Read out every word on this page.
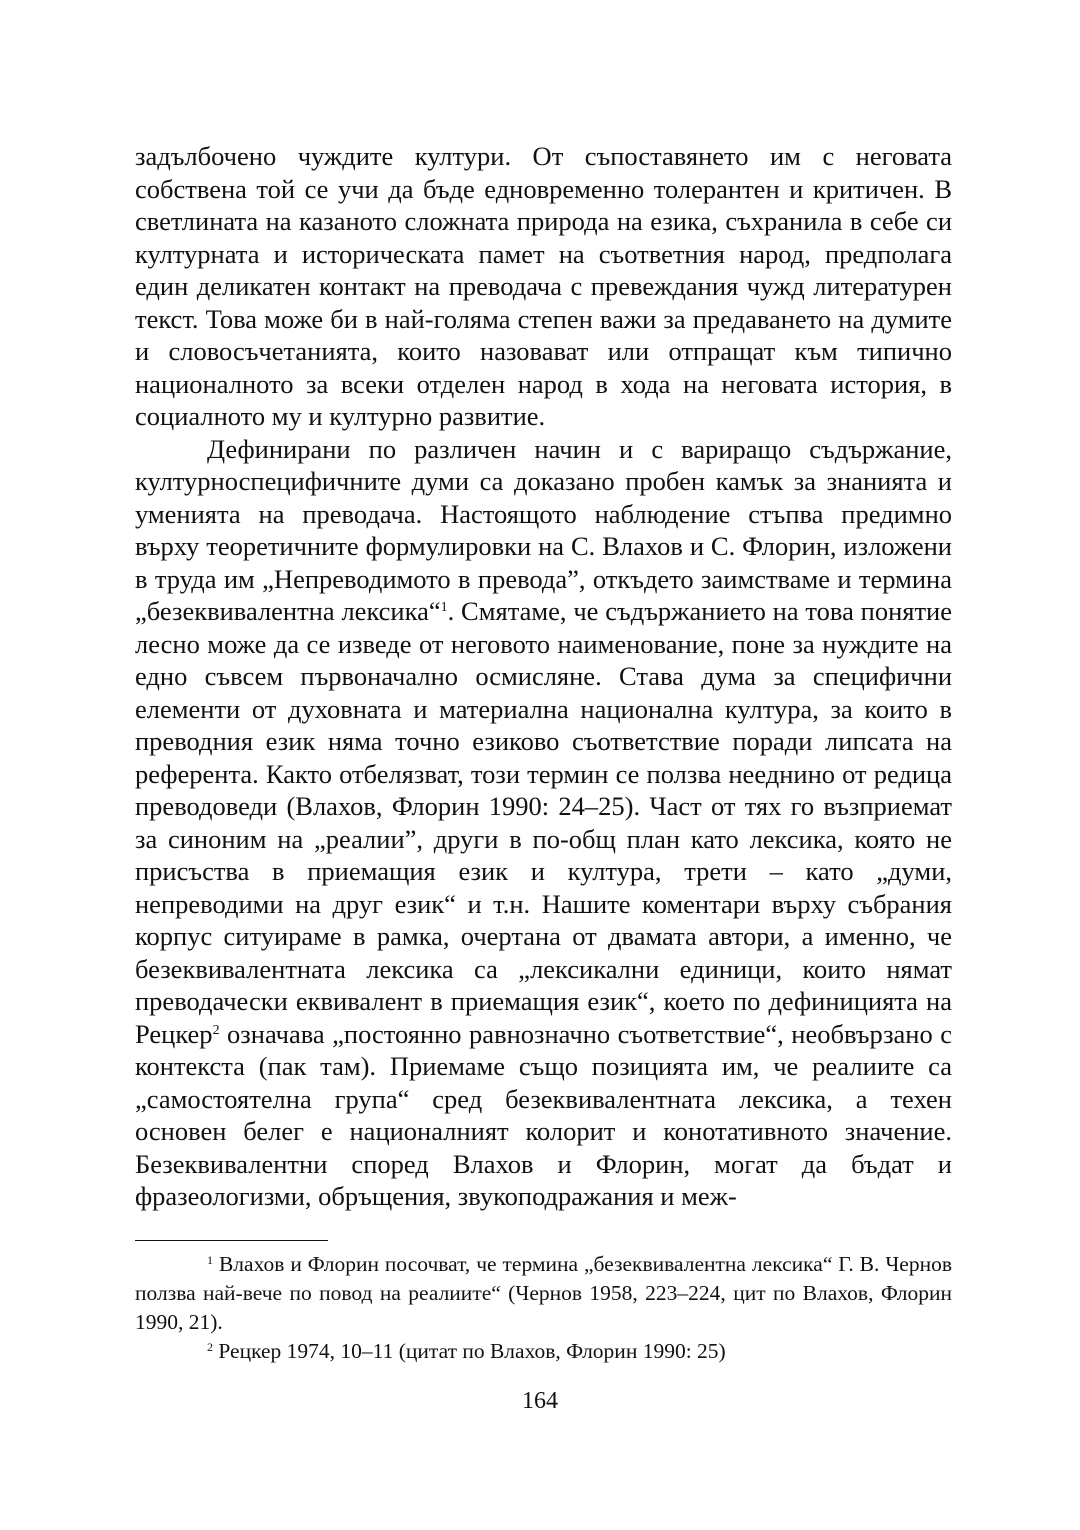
задълбочено чуждите култури. От съпоставянето им с неговата собствена той се учи да бъде едновременно толерантен и критичен. В светлината на казаното сложната природа на езика, съхранила в себе си културната и историческата памет на съответния народ, предполага един деликатен контакт на преводача с превеждания чужд литературен текст. Това може би в най-голяма степен важи за предаването на думите и словосъчетанията, които назовават или отпращат към типично националното за всеки отделен народ в хода на неговата история, в социалното му и културно развитие.

Дефинирани по различен начин и с вариращо съдържание, културноспецифичните думи са доказано пробен камък за знанията и уменията на преводача. Настоящото наблюдение стъпва предимно върху теоретичните формулировки на С. Влахов и С. Флорин, изложени в труда им „Непреводимото в превода”, откъдето заимстваме и термина „безеквивалентна лексика“$^1$. Смятаме, че съдържанието на това понятие лесно може да се изведе от неговото наименование, поне за нуждите на едно съвсем първоначално осмисляне. Става дума за специфични елементи от духовната и материална национална култура, за които в преводния език няма точно езиково съответствие поради липсата на референта. Както отбелязват, този термин се ползва нееднино от редица преводоведи (Влахов, Флорин 1990: 24–25). Част от тях го възприемат за синоним на „реалии”, други в по-общ план като лексика, която не присъства в приемащия език и култура, трети – като „думи, непреводими на друг език“ и т.н. Нашите коментари върху събрания корпус ситуираме в рамка, очертана от двамата автори, а именно, че безеквивалентната лексика са „лексикални единици, които нямат преводачески еквивалент в приемащия език“, което по дефиницията на Рецкер$^2$ означава „постоянно равнозначно съответствие“, необвързано с контекста (пак там). Приемаме също позицията им, че реалиите са „самостоятелна група“ сред безеквивалентната лексика, а техен основен белег е националният колорит и конотативното значение. Безеквивалентни според Влахов и Флорин, могат да бъдат и фразеологизми, обръщения, звукоподражания и меж-

$^1$ Влахов и Флорин посочват, че термина „безеквивалентна лексика“ Г. В. Чернов ползва най-вече по повод на реалиите“ (Чернов 1958, 223–224, цит по Влахов, Флорин 1990, 21).

$^2$ Рецкер 1974, 10–11 (цитат по Влахов, Флорин 1990: 25)

164
